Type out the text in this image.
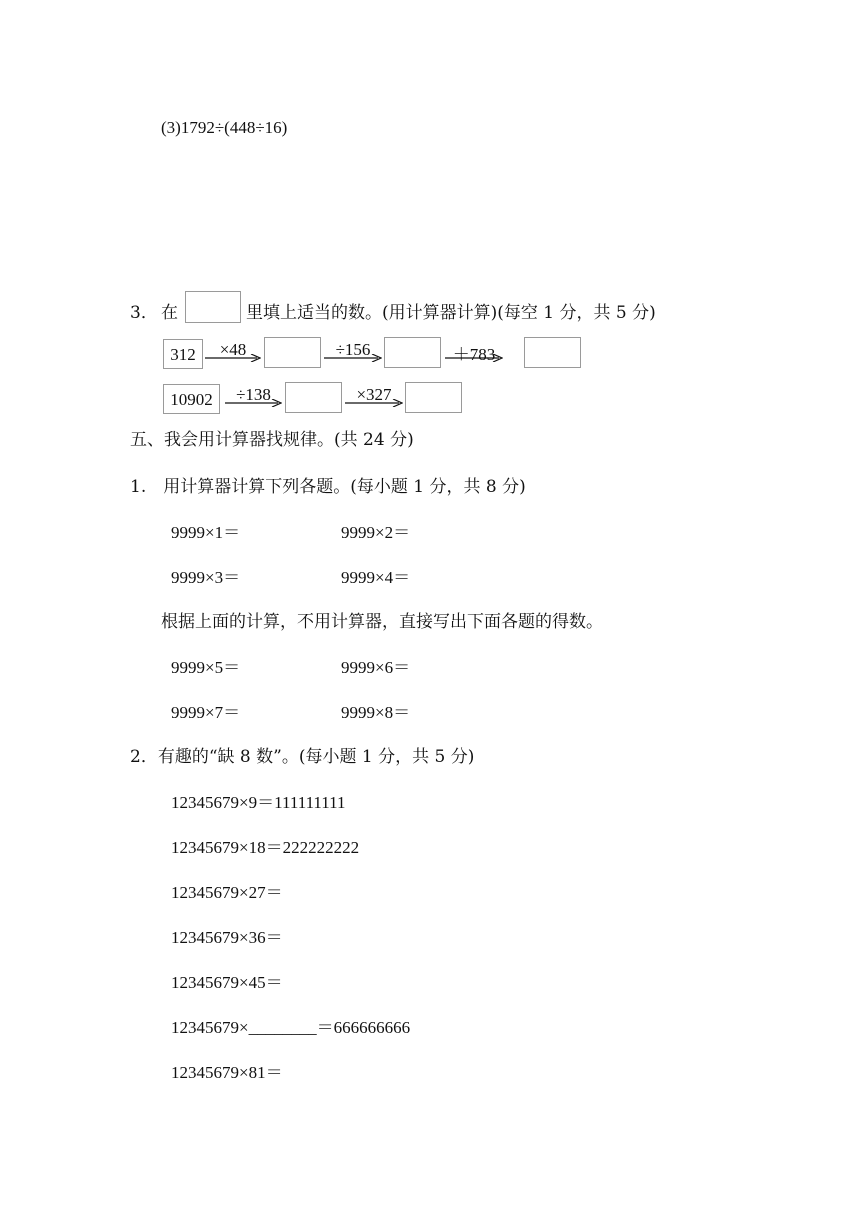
(3)1792÷(448÷16)
3． 在	里填上适当的数。(用计算器计算)(每空 1 分，共 5 分)
312	×48	÷156	＋783
10902	÷138	×327
五、我会用计算器找规律。(共 24 分)
1.　用计算器计算下列各题。(每小题 1 分，共 8 分)
9999×1＝	9999×2＝
9999×3＝	9999×4＝
根据上面的计算，不用计算器，直接写出下面各题的得数。
9999×5＝	9999×6＝
9999×7＝	9999×8＝
2．有趣的“缺 8 数”。(每小题 1 分，共 5 分)
12345679×9＝111111111
12345679×18＝222222222
12345679×27＝
12345679×36＝
12345679×45＝
12345679×________＝666666666
12345679×81＝
